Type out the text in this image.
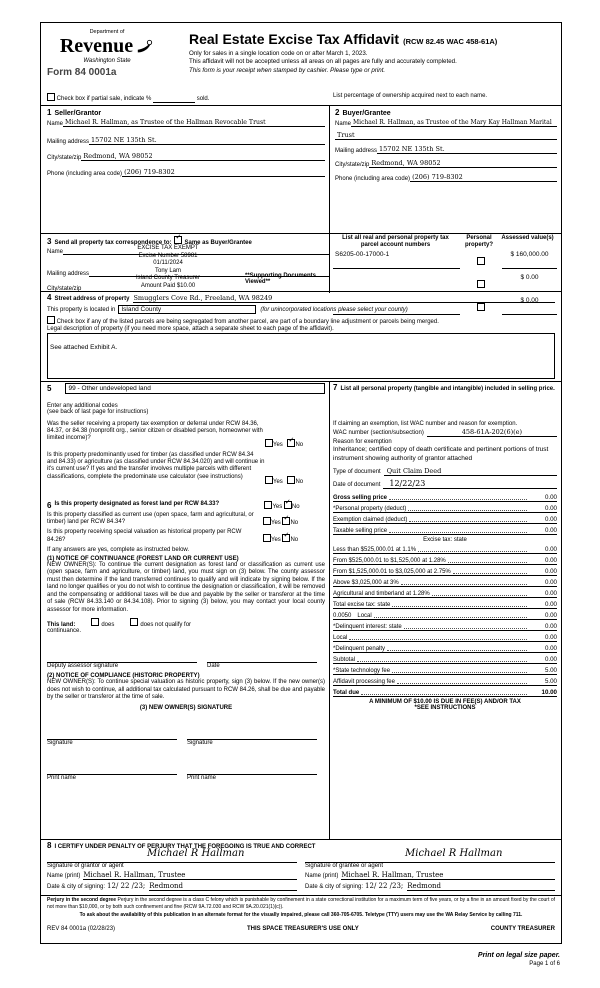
Department of
Revenue
Washington State
Form 84 0001a
Real Estate Excise Tax Affidavit (RCW 82.45 WAC 458-61A)
Only for sales in a single location code on or after March 1, 2023.
This affidavit will not be accepted unless all areas on all pages are fully and accurately completed.
This form is your receipt when stamped by cashier. Please type or print.
Check box if partial sale, indicate %	sold.	List percentage of ownership acquired next to each name.
1 Seller/Grantor
Name Michael R. Hallman, as Trustee of the Hallman Revocable Trust
Mailing address 15702 NE 135th St.
City/state/zip Redmond, WA 98052
Phone (including area code) (206) 719-8302
2 Buyer/Grantee
Name Michael R. Hallman, as Trustee of the Mary Kay Hallman Marital
Trust
Mailing address 15702 NE 135th St.
City/state/zip Redmond, WA 98052
Phone (including area code) (206) 719-8302
3 Send all property tax correspondence to: ✓ Same as Buyer/Grantee
Name

Mailing address

City/state/zip

EXCISE TAX EXEMPT
Excise Number 58981
01/11/2024
Tony Lam
Island County Treasurer
Amount Paid $10.00
**Supporting Documents Viewed**
List all real and personal property tax parcel account numbers
Personal property?
Assessed value(s)
S6205-00-17000-1	$ 160,000.00
$ 0.00
$ 0.00
4 Street address of property Smugglers Cove Rd., Freeland, WA 98249
This property is located in Island County	(for unincorporated locations please select your county)
Check box if any of the listed parcels are being segregated from another parcel, are part of a boundary line adjustment or parcels being merged.
Legal description of property (if you need more space, attach a separate sheet to each page of the affidavit).
See attached Exhibit A.
5	99 - Other undeveloped land
Enter any additional codes
(see back of last page for instructions)
Was the seller receiving a property tax exemption or deferral under RCW 84.36, 84.37, or 84.38 (nonprofit org., senior citizen or disabled person, homeowner with limited income)?
Yes ✓ No
Is this property predominantly used for timber (as classified under RCW 84.34 and 84.33) or agriculture (as classified under RCW 84.34.020) and will continue in it's current use? If yes and the transfer involves multiple parcels with different classifications, complete the predominate use calculator (see instructions)
Yes No
6 Is this property designated as forest land per RCW 84.33?	Yes ✓ No
Is this property classified as current use (open space, farm and agricultural, or timber) land per RCW 84.34?	Yes ✓ No
Is this property receiving special valuation as historical property per RCW 84.26?	Yes ✓ No
If any answers are yes, complete as instructed below.
(1) NOTICE OF CONTINUANCE (FOREST LAND OR CURRENT USE)
NEW OWNER(S): To continue the current designation as forest land or classification as current use (open space, farm and agriculture, or timber) land, you must sign on (3) below. The county assessor must then determine if the land transferred continues to qualify and will indicate by signing below. If the land no longer qualifies or you do not wish to continue the designation or classification, it will be removed and the compensating or additional taxes will be due and payable by the seller or transferor at the time of sale (RCW 84.33.140 or 84.34.108). Prior to signing (3) below, you may contact your local county assessor for more information.
This land:	does	does not qualify for
continuance.

Deputy assessor signature	Date
(2) NOTICE OF COMPLIANCE (HISTORIC PROPERTY)
NEW OWNER(S): To continue special valuation as historic property, sign (3) below. If the new owner(s) does not wish to continue, all additional tax calculated pursuant to RCW 84.26, shall be due and payable by the seller or transferor at the time of sale.
(3) NEW OWNER(S) SIGNATURE

Signature	Signature

Print name	Print name
7 List all personal property (tangible and intangible) included in selling price.
If claiming an exemption, list WAC number and reason for exemption.
WAC number (section/subsection)	458-61A-202(6)(e)
Reason for exemption
Inheritance; certified copy of death certificate and pertinent portions of trust instrument showing authority of grantor attached
Type of document Quit Claim Deed
Date of document	12/22/23
Gross selling price	0.00
*Personal property (deduct)	0.00
Exemption claimed (deduct)	0.00
Taxable selling price	0.00
Excise tax: state
Less than $525,000.01 at 1.1%	0.00
From $525,000.01 to $1,525,000 at 1.28%	0.00
From $1,525,000.01 to $3,025,000 at 2.75%	0.00
Above $3,025,000 at 3%	0.00
Agricultural and timberland at 1.28%	0.00
Total excise tax: state	0.00
0.0050 Local	0.00
*Delinquent interest: state	0.00
Local	0.00
*Delinquent penalty	0.00
Subtotal	0.00
*State technology fee	5.00
Affidavit processing fee	5.00
Total due	10.00
A MINIMUM OF $10.00 IS DUE IN FEE(S) AND/OR TAX
*SEE INSTRUCTIONS
8 I CERTIFY UNDER PENALTY OF PERJURY THAT THE FOREGOING IS TRUE AND CORRECT
Michael R Hallman
Signature of grantor or agent
Name (print) Michael R. Hallman, Trustee
Date & city of signing: 12/ 22 /23; Redmond
Michael R Hallman
Signature of grantee or agent
Name (print) Michael R. Hallman, Trustee
Date & city of signing: 12/ 22 /23; Redmond
Perjury in the second degree Perjury in the second degree is a class C felony which is punishable by confinement in a state correctional institution for a maximum term of five years, or by a fine in an amount fixed by the court of not more than $10,000, or by both such confinement and fine (RCW 9A.72.030 and RCW 9A.20.021(1)(c)).
To ask about the availability of this publication in an alternate format for the visually impaired, please call 360-705-6705. Teletype (TTY) users may use the WA Relay Service by calling 711.
REV 84 0001a (02/28/23)	THIS SPACE TREASURER'S USE ONLY	COUNTY TREASURER
Print on legal size paper.
Page 1 of 6
